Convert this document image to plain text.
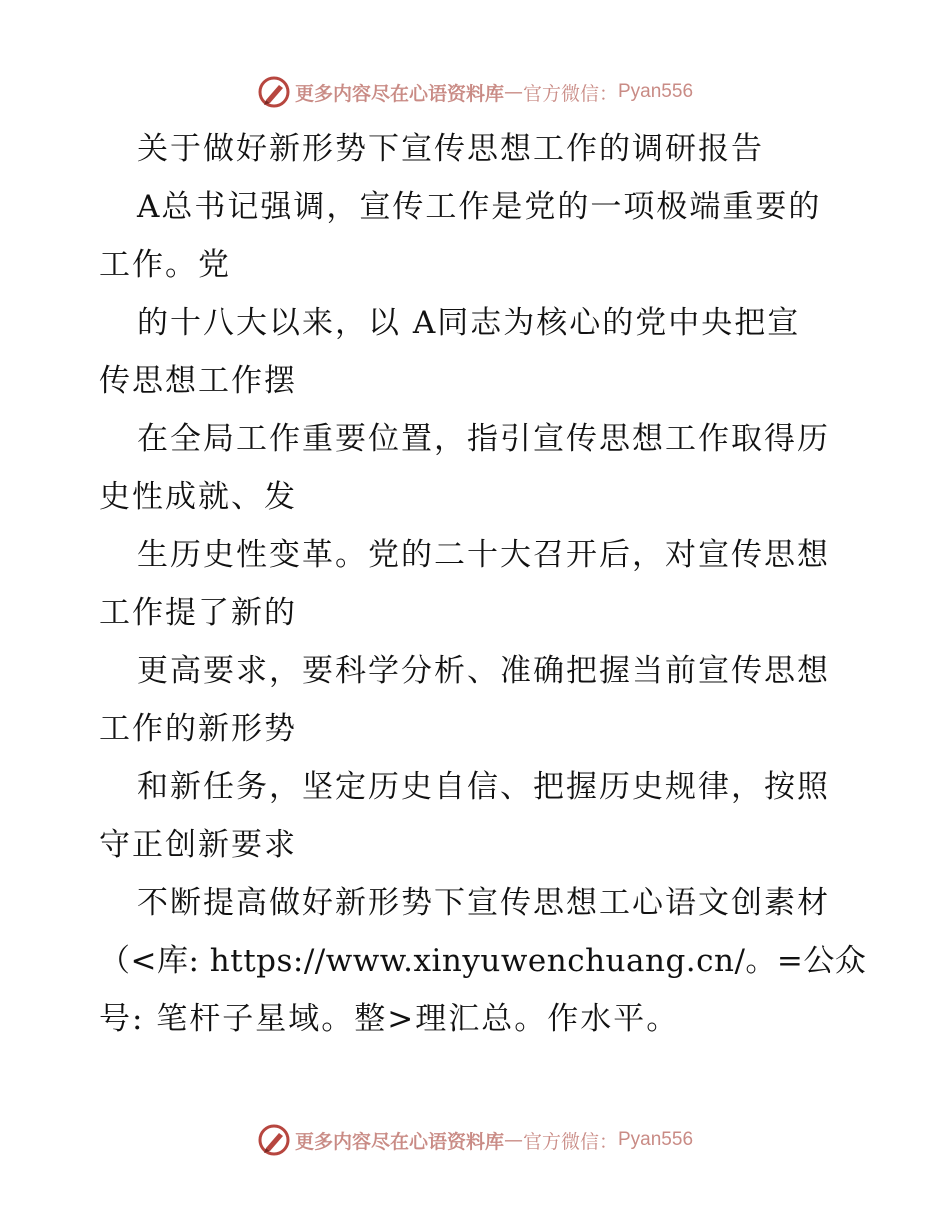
更多内容尽在心语资料库 — 官方微信： Pyan556
关于做好新形势下宣传思想工作的调研报告
A总书记强调，宣传工作是党的一项极端重要的
工作。党
的十八大以来，以 A同志为核心的党中央把宣
传思想工作摆
在全局工作重要位置，指引宣传思想工作取得历
史性成就、发
生历史性变革。党的二十大召开后，对宣传思想
工作提了新的
更高要求，要科学分析、准确把握当前宣传思想
工作的新形势
和新任务，坚定历史自信、把握历史规律，按照
守正创新要求
不断提高做好新形势下宣传思想工心语文创素材
（<库: https://www.xinyuwenchuang.cn/。=公众
号: 笔杆子星域。整>理汇总。作水平。
更多内容尽在心语资料库 — 官方微信： Pyan556
